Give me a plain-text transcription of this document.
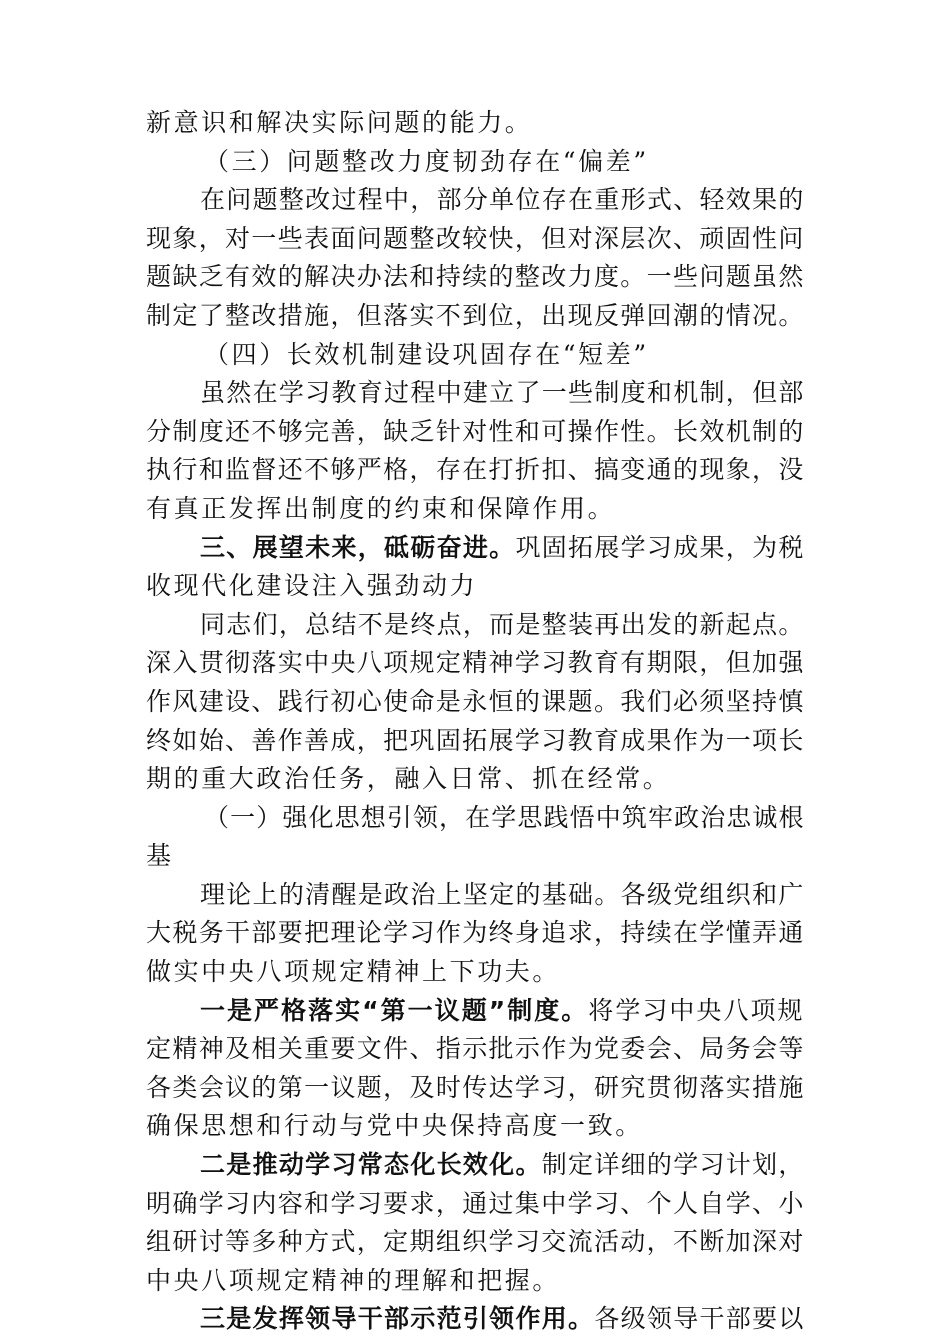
新意识和解决实际问题的能力。
（三）问题整改力度韧劲存在“偏差”
在问题整改过程中，部分单位存在重形式、轻效果的
现象，对一些表面问题整改较快，但对深层次、顽固性问
题缺乏有效的解决办法和持续的整改力度。一些问题虽然
制定了整改措施，但落实不到位，出现反弹回潮的情况。
（四）长效机制建设巩固存在“短差”
虽然在学习教育过程中建立了一些制度和机制，但部
分制度还不够完善，缺乏针对性和可操作性。长效机制的
执行和监督还不够严格，存在打折扣、搞变通的现象，没
有真正发挥出制度的约束和保障作用。
三、展望未来，砥砺奋进。巩固拓展学习成果，为税
收现代化建设注入强劲动力
同志们，总结不是终点，而是整装再出发的新起点。
深入贯彻落实中央八项规定精神学习教育有期限，但加强
作风建设、践行初心使命是永恒的课题。我们必须坚持慎
终如始、善作善成，把巩固拓展学习教育成果作为一项长
期的重大政治任务，融入日常、抓在经常。
（一）强化思想引领，在学思践悟中筑牢政治忠诚根
基
理论上的清醒是政治上坚定的基础。各级党组织和广
大税务干部要把理论学习作为终身追求，持续在学懂弄通
做实中央八项规定精神上下功夫。
一是严格落实“第一议题”制度。将学习中央八项规
定精神及相关重要文件、指示批示作为党委会、局务会等
各类会议的第一议题，及时传达学习，研究贯彻落实措施
确保思想和行动与党中央保持高度一致。
二是推动学习常态化长效化。制定详细的学习计划，
明确学习内容和学习要求，通过集中学习、个人自学、小
组研讨等多种方式，定期组织学习交流活动，不断加深对
中央八项规定精神的理解和把握。
三是发挥领导干部示范引领作用。各级领导干部要以
